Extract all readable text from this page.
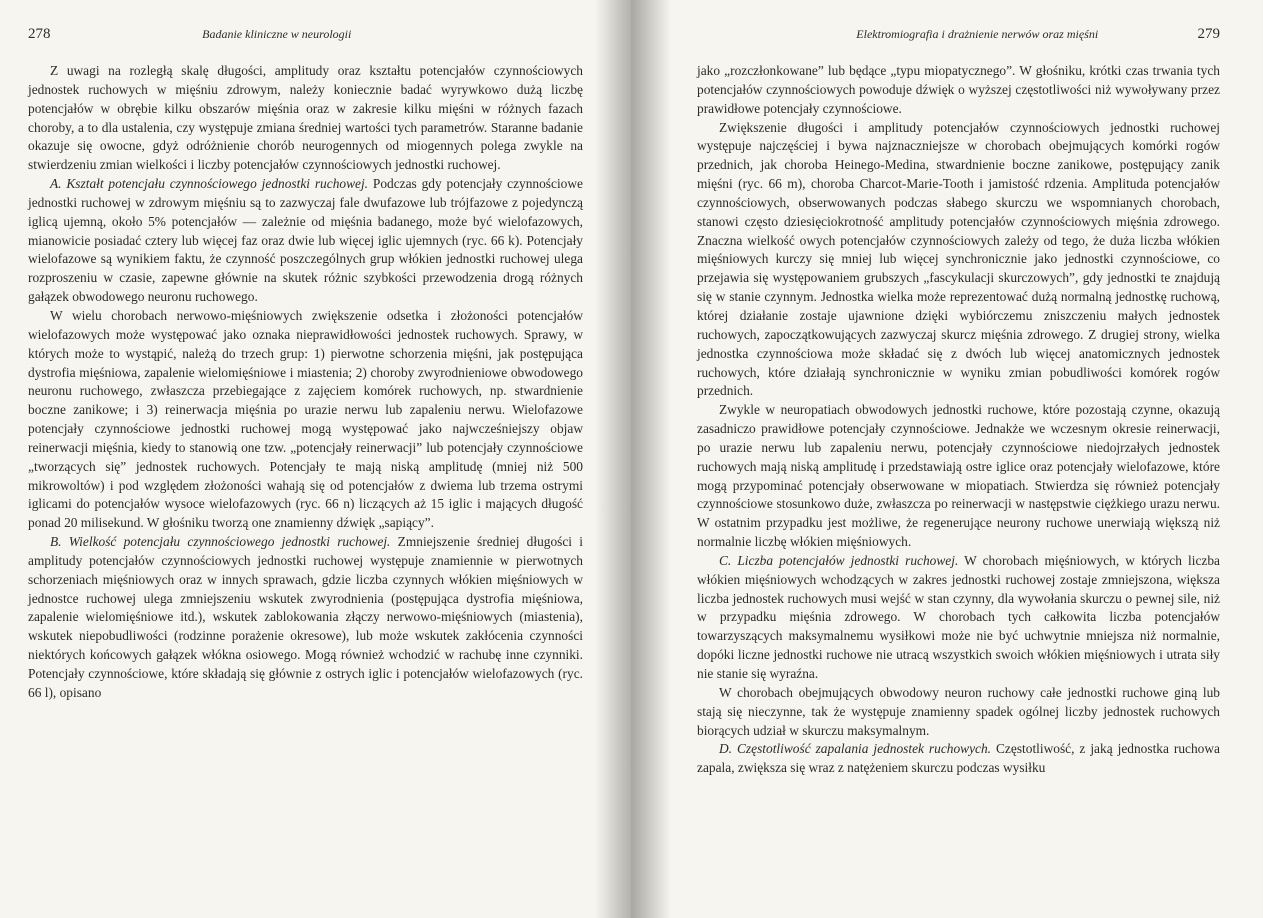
278	Badanie kliniczne w neurologii

Z uwagi na rozległą skalę długości, amplitudy oraz kształtu potencjałów czynnościowych jednostek ruchowych w mięśniu zdrowym, należy koniecznie badać wyrywkowo dużą liczbę potencjałów w obrębie kilku obszarów mięśnia oraz w zakresie kilku mięśni w różnych fazach choroby, a to dla ustalenia, czy występuje zmiana średniej wartości tych parametrów. Staranne badanie okazuje się owocne, gdyż odróżnienie chorób neurogennych od miogennych polega zwykle na stwierdzeniu zmian wielkości i liczby potencjałów czynnościowych jednostki ruchowej.

A. Kształt potencjału czynnościowego jednostki ruchowej. Podczas gdy potencjały czynnościowe jednostki ruchowej w zdrowym mięśniu są to zazwyczaj fale dwufazowe lub trójfazowe z pojedynczą iglicą ujemną, około 5% potencjałów — zależnie od mięśnia badanego, może być wielofazowych, mianowicie posiadać cztery lub więcej faz oraz dwie lub więcej iglic ujemnych (ryc. 66 k). Potencjały wielofazowe są wynikiem faktu, że czynność poszczególnych grup włókien jednostki ruchowej ulega rozproszeniu w czasie, zapewne głównie na skutek różnic szybkości przewodzenia drogą różnych gałązek obwodowego neuronu ruchowego.

W wielu chorobach nerwowo-mięśniowych zwiększenie odsetka i złożoności potencjałów wielofazowych może występować jako oznaka nieprawidłowości jednostek ruchowych. Sprawy, w których może to wystąpić, należą do trzech grup: 1) pierwotne schorzenia mięśni, jak postępująca dystrofia mięśniowa, zapalenie wielomięśniowe i miastenia; 2) choroby zwyrodnieniowe obwodowego neuronu ruchowego, zwłaszcza przebiegające z zajęciem komórek ruchowych, np. stwardnienie boczne zanikowe; i 3) reinerwacja mięśnia po urazie nerwu lub zapaleniu nerwu. Wielofazowe potencjały czynnościowe jednostki ruchowej mogą występować jako najwcześniejszy objaw reinerwacji mięśnia, kiedy to stanowią one tzw. „potencjały reinerwacji” lub potencjały czynnościowe „tworzących się” jednostek ruchowych. Potencjały te mają niską amplitudę (mniej niż 500 mikrowoltów) i pod względem złożoności wahają się od potencjałów z dwiema lub trzema ostrymi iglicami do potencjałów wysoce wielofazowych (ryc. 66 n) liczących aż 15 iglic i mających długość ponad 20 milisekund. W głośniku tworzą one znamienny dźwięk „sapiący”.

B. Wielkość potencjału czynnościowego jednostki ruchowej. Zmniejszenie średniej długości i amplitudy potencjałów czynnościowych jednostki ruchowej występuje znamiennie w pierwotnych schorzeniach mięśniowych oraz w innych sprawach, gdzie liczba czynnych włókien mięśniowych w jednostce ruchowej ulega zmniejszeniu wskutek zwyrodnienia (postępująca dystrofia mięśniowa, zapalenie wielomięśniowe itd.), wskutek zablokowania złączy nerwowo-mięśniowych (miastenia), wskutek niepobudliwości (rodzinne porażenie okresowe), lub może wskutek zakłócenia czynności niektórych końcowych gałązek włókna osiowego. Mogą również wchodzić w rachubę inne czynniki. Potencjały czynnościowe, które składają się głównie z ostrych iglic i potencjałów wielofazowych (ryc. 66 l), opisano

Elektromiografia i drażnienie nerwów oraz mięśni	279

jako „rozczłonkowane” lub będące „typu miopatycznego”. W głośniku, krótki czas trwania tych potencjałów czynnościowych powoduje dźwięk o wyższej częstotliwości niż wywoływany przez prawidłowe potencjały czynnościowe.

Zwiększenie długości i amplitudy potencjałów czynnościowych jednostki ruchowej występuje najczęściej i bywa najznaczniejsze w chorobach obejmujących komórki rogów przednich, jak choroba Heinego-Medina, stwardnienie boczne zanikowe, postępujący zanik mięśni (ryc. 66 m), choroba Charcot-Marie-Tooth i jamistość rdzenia. Amplituda potencjałów czynnościowych, obserwowanych podczas słabego skurczu we wspomnianych chorobach, stanowi często dziesięciokrotność amplitudy potencjałów czynnościowych mięśnia zdrowego. Znaczna wielkość owych potencjałów czynnościowych zależy od tego, że duża liczba włókien mięśniowych kurczy się mniej lub więcej synchronicznie jako jednostki czynnościowe, co przejawia się występowaniem grubszych „fascykulacji skurczowych”, gdy jednostki te znajdują się w stanie czynnym. Jednostka wielka może reprezentować dużą normalną jednostkę ruchową, której działanie zostaje ujawnione dzięki wybiórczemu zniszczeniu małych jednostek ruchowych, zapoczątkowujących zazwyczaj skurcz mięśnia zdrowego. Z drugiej strony, wielka jednostka czynnościowa może składać się z dwóch lub więcej anatomicznych jednostek ruchowych, które działają synchronicznie w wyniku zmian pobudliwości komórek rogów przednich.

Zwykle w neuropatiach obwodowych jednostki ruchowe, które pozostają czynne, okazują zasadniczo prawidłowe potencjały czynnościowe. Jednakże we wczesnym okresie reinerwacji, po urazie nerwu lub zapaleniu nerwu, potencjały czynnościowe niedojrzałych jednostek ruchowych mają niską amplitudę i przedstawiają ostre iglice oraz potencjały wielofazowe, które mogą przypominać potencjały obserwowane w miopatiach. Stwierdza się również potencjały czynnościowe stosunkowo duże, zwłaszcza po reinerwacji w następstwie ciężkiego urazu nerwu. W ostatnim przypadku jest możliwe, że regenerujące neurony ruchowe unerwiają większą niż normalnie liczbę włókien mięśniowych.

C. Liczba potencjałów jednostki ruchowej. W chorobach mięśniowych, w których liczba włókien mięśniowych wchodzących w zakres jednostki ruchowej zostaje zmniejszona, większa liczba jednostek ruchowych musi wejść w stan czynny, dla wywołania skurczu o pewnej sile, niż w przypadku mięśnia zdrowego. W chorobach tych całkowita liczba potencjałów towarzyszących maksymalnemu wysiłkowi może nie być uchwytnie mniejsza niż normalnie, dopóki liczne jednostki ruchowe nie utracą wszystkich swoich włókien mięśniowych i utrata siły nie stanie się wyraźna.

W chorobach obejmujących obwodowy neuron ruchowy całe jednostki ruchowe giną lub stają się nieczynne, tak że występuje znamienny spadek ogólnej liczby jednostek ruchowych biorących udział w skurczu maksymalnym.

D. Częstotliwość zapalania jednostek ruchowych. Częstotliwość, z jaką jednostka ruchowa zapala, zwiększa się wraz z natężeniem skurczu podczas wysiłku
